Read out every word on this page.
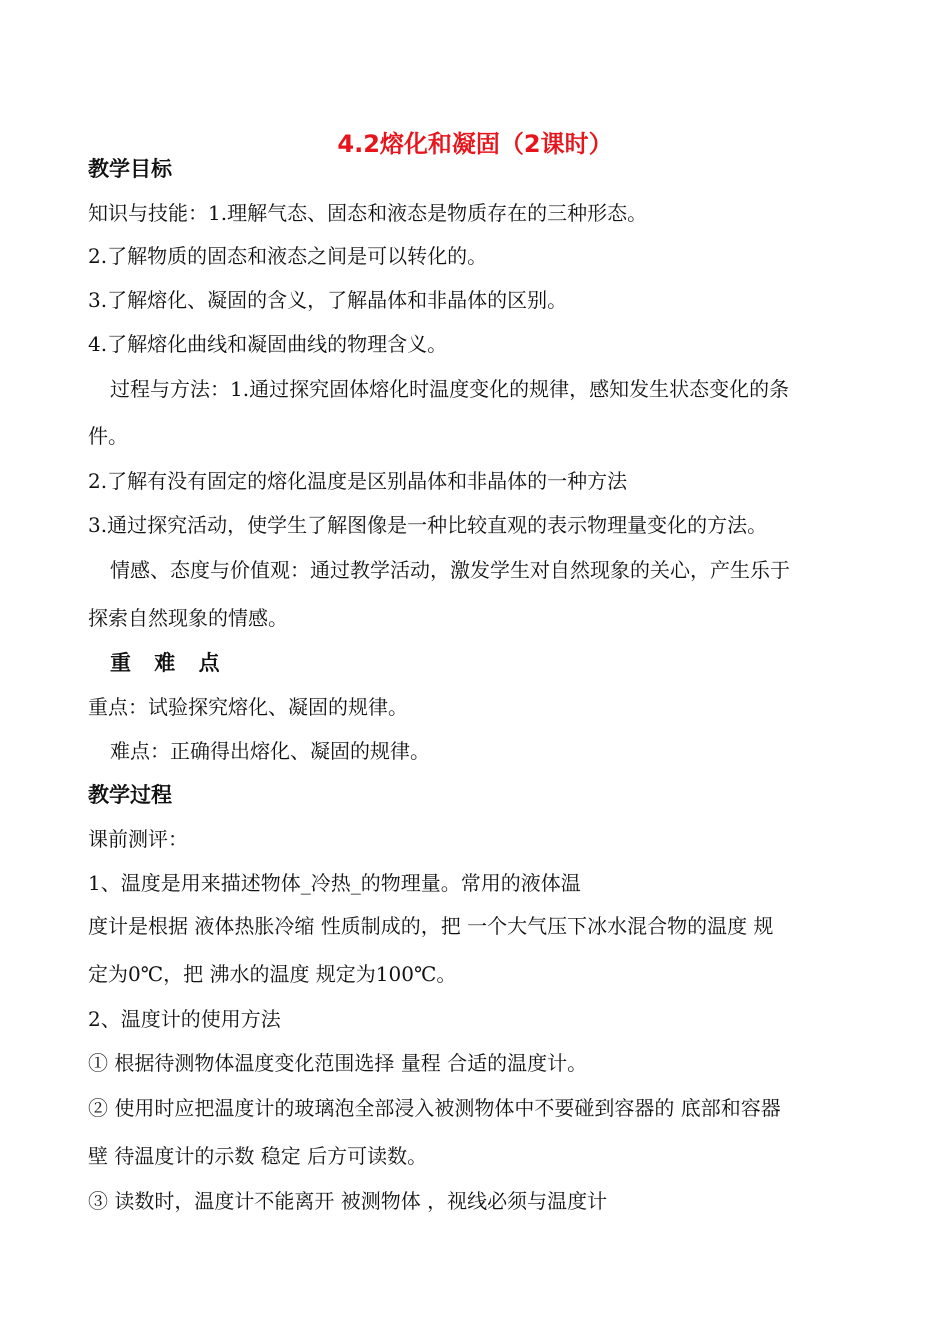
4.2熔化和凝固（2课时）
教学目标
知识与技能：1.理解气态、固态和液态是物质存在的三种形态。
2.了解物质的固态和液态之间是可以转化的。
3.了解熔化、凝固的含义，了解晶体和非晶体的区别。
4.了解熔化曲线和凝固曲线的物理含义。
过程与方法：1.通过探究固体熔化时温度变化的规律，感知发生状态变化的条
件。
2.了解有没有固定的熔化温度是区别晶体和非晶体的一种方法
3.通过探究活动，使学生了解图像是一种比较直观的表示物理量变化的方法。
情感、态度与价值观：通过教学活动，激发学生对自然现象的关心，产生乐于
探索自然现象的情感。
重 难 点
重点：试验探究熔化、凝固的规律。
难点：正确得出熔化、凝固的规律。
教学过程
课前测评：
1、温度是用来描述物体_冷热_的物理量。常用的液体温
度计是根据 液体热胀冷缩 性质制成的，把 一个大气压下冰水混合物的温度 规
定为0℃，把 沸水的温度 规定为100℃。
2、温度计的使用方法
① 根据待测物体温度变化范围选择 量程 合适的温度计。
② 使用时应把温度计的玻璃泡全部浸入被测物体中不要碰到容器的 底部和容器
壁 待温度计的示数 稳定 后方可读数。
③ 读数时，温度计不能离开 被测物体 ，视线必须与温度计
